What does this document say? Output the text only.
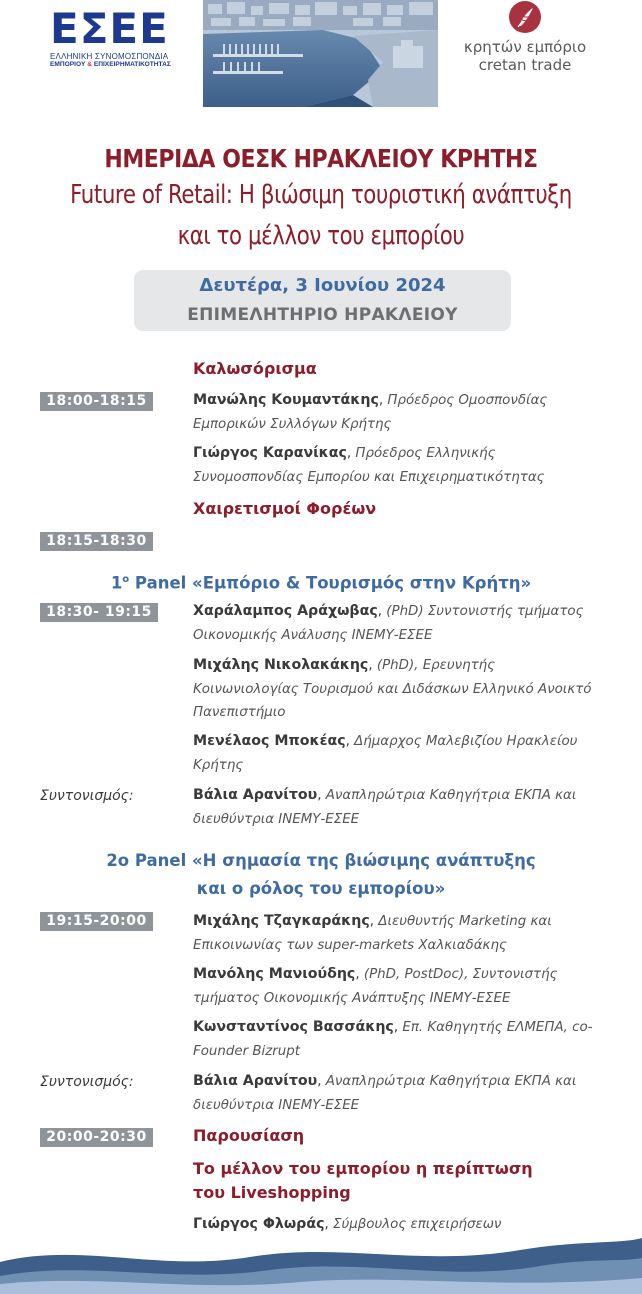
ΕΣΕΕ
ΕΛΛΗΝΙΚΗ ΣΥΝΟΜΟΣΠΟΝΔΙΑ
ΕΜΠΟΡΙΟΥ & ΕΠΙΧΕΙΡΗΜΑΤΙΚΟΤΗΤΑΣ
κρητών εμπόριο
cretan trade
ΗΜΕΡΙΔΑ ΟΕΣΚ ΗΡΑΚΛΕΙΟΥ ΚΡΗΤΗΣ
Future of Retail: Η βιώσιμη τουριστική ανάπτυξη
και το μέλλον του εμπορίου
Δευτέρα, 3 Ιουνίου 2024
ΕΠΙΜΕΛΗΤΗΡΙΟ ΗΡΑΚΛΕΙΟΥ
Καλωσόρισμα
18:00-18:15	Μανώλης Κουμαντάκης, Πρόεδρος Ομοσπονδίας Εμπορικών Συλλόγων Κρήτης
Γιώργος Καρανίκας, Πρόεδρος Ελληνικής Συνομοσπονδίας Εμπορίου και Επιχειρηματικότητας
Χαιρετισμοί Φορέων
18:15-18:30
$1^o$ Panel «Εμπόριο & Τουρισμός στην Κρήτη»
18:30- 19:15	Χαράλαμπος Αράχωβας, (PhD) Συντονιστής τμήματος Οικονομικής Ανάλυσης ΙΝΕΜΥ-ΕΣΕΕ
Μιχάλης Νικολακάκης, (PhD), Ερευνητής Κοινωνιολογίας Τουρισμού και Διδάσκων Ελληνικό Ανοικτό Πανεπιστήμιο
Μενέλαος Μποκέας, Δήμαρχος Μαλεβιζίου Ηρακλείου Κρήτης
Συντονισμός:	Βάλια Αρανίτου, Αναπληρώτρια Καθηγήτρια ΕΚΠΑ και διευθύντρια ΙΝΕΜΥ-ΕΣΕΕ
2ο Panel «Η σημασία της βιώσιμης ανάπτυξης
και ο ρόλος του εμπορίου»
19:15-20:00	Μιχάλης Τζαγκαράκης, Διευθυντής Marketing και Επικοινωνίας των super-markets Χαλκιαδάκης
Μανόλης Μανιούδης, (PhD, PostDoc), Συντονιστής τμήματος Οικονομικής Ανάπτυξης ΙΝΕΜΥ-ΕΣΕΕ
Κωνσταντίνος Βασσάκης, Επ. Καθηγητής ΕΛΜΕΠΑ, co-Founder Bizrupt
Συντονισμός:	Βάλια Αρανίτου, Αναπληρώτρια Καθηγήτρια ΕΚΠΑ και διευθύντρια ΙΝΕΜΥ-ΕΣΕΕ
20:00-20:30	Παρουσίαση
Το μέλλον του εμπορίου η περίπτωση
του Liveshopping
Γιώργος Φλωράς, Σύμβουλος επιχειρήσεων
